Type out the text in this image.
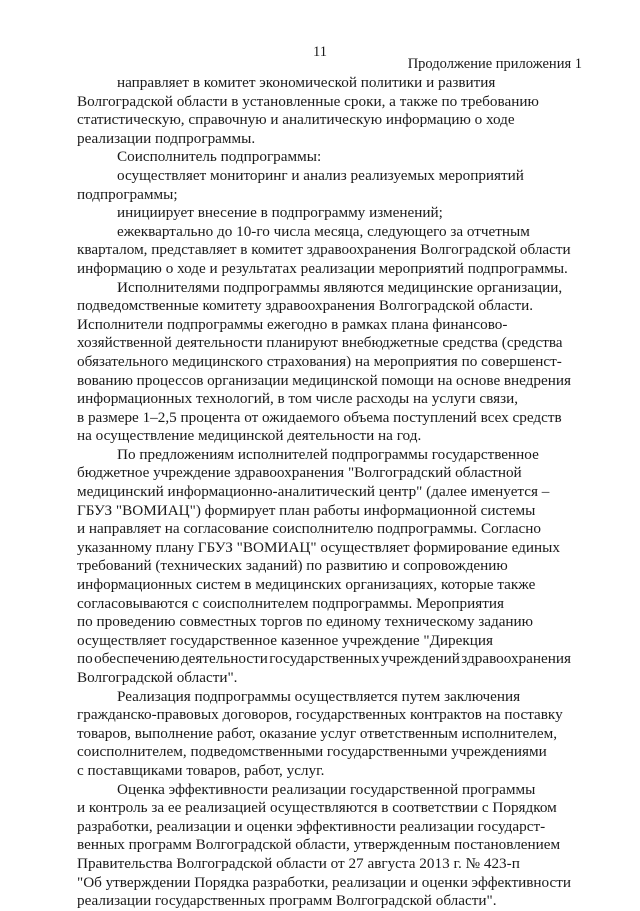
11
Продолжение приложения 1
направляет в комитет экономической политики и развития
Волгоградской области в установленные сроки, а также по требованию
статистическую, справочную и аналитическую информацию о ходе
реализации подпрограммы.
Соисполнитель подпрограммы:
осуществляет мониторинг и анализ реализуемых мероприятий
подпрограммы;
инициирует внесение в подпрограмму изменений;
ежеквартально до 10-го числа месяца, следующего за отчетным
кварталом, представляет в комитет здравоохранения Волгоградской области
информацию о ходе и результатах реализации мероприятий подпрограммы.
Исполнителями подпрограммы являются медицинские организации,
подведомственные комитету здравоохранения Волгоградской области.
Исполнители подпрограммы ежегодно в рамках плана финансово-
хозяйственной деятельности планируют внебюджетные средства (средства
обязательного медицинского страхования) на мероприятия по совершенст-
вованию процессов организации медицинской помощи на основе внедрения
информационных технологий, в том числе расходы на услуги связи,
в размере 1–2,5 процента от ожидаемого объема поступлений всех средств
на осуществление медицинской деятельности на год.
По предложениям исполнителей подпрограммы государственное
бюджетное учреждение здравоохранения "Волгоградский областной
медицинский информационно-аналитический центр" (далее именуется –
ГБУЗ "ВОМИАЦ") формирует план работы информационной системы
и направляет на согласование соисполнителю подпрограммы. Согласно
указанному плану ГБУЗ "ВОМИАЦ" осуществляет формирование единых
требований (технических заданий) по развитию и сопровождению
информационных систем в медицинских организациях, которые также
согласовываются с соисполнителем подпрограммы. Мероприятия
по проведению совместных торгов по единому техническому заданию
осуществляет государственное казенное учреждение "Дирекция
по обеспечению деятельности государственных учреждений здравоохранения
Волгоградской области".
Реализация подпрограммы осуществляется путем заключения
гражданско-правовых договоров, государственных контрактов на поставку
товаров, выполнение работ, оказание услуг ответственным исполнителем,
соисполнителем, подведомственными государственными учреждениями
с поставщиками товаров, работ, услуг.
Оценка эффективности реализации государственной программы
и контроль за ее реализацией осуществляются в соответствии с Порядком
разработки, реализации и оценки эффективности реализации государст-
венных программ Волгоградской области, утвержденным постановлением
Правительства Волгоградской области от 27 августа 2013 г. № 423-п
"Об утверждении Порядка разработки, реализации и оценки эффективности
реализации государственных программ Волгоградской области".
